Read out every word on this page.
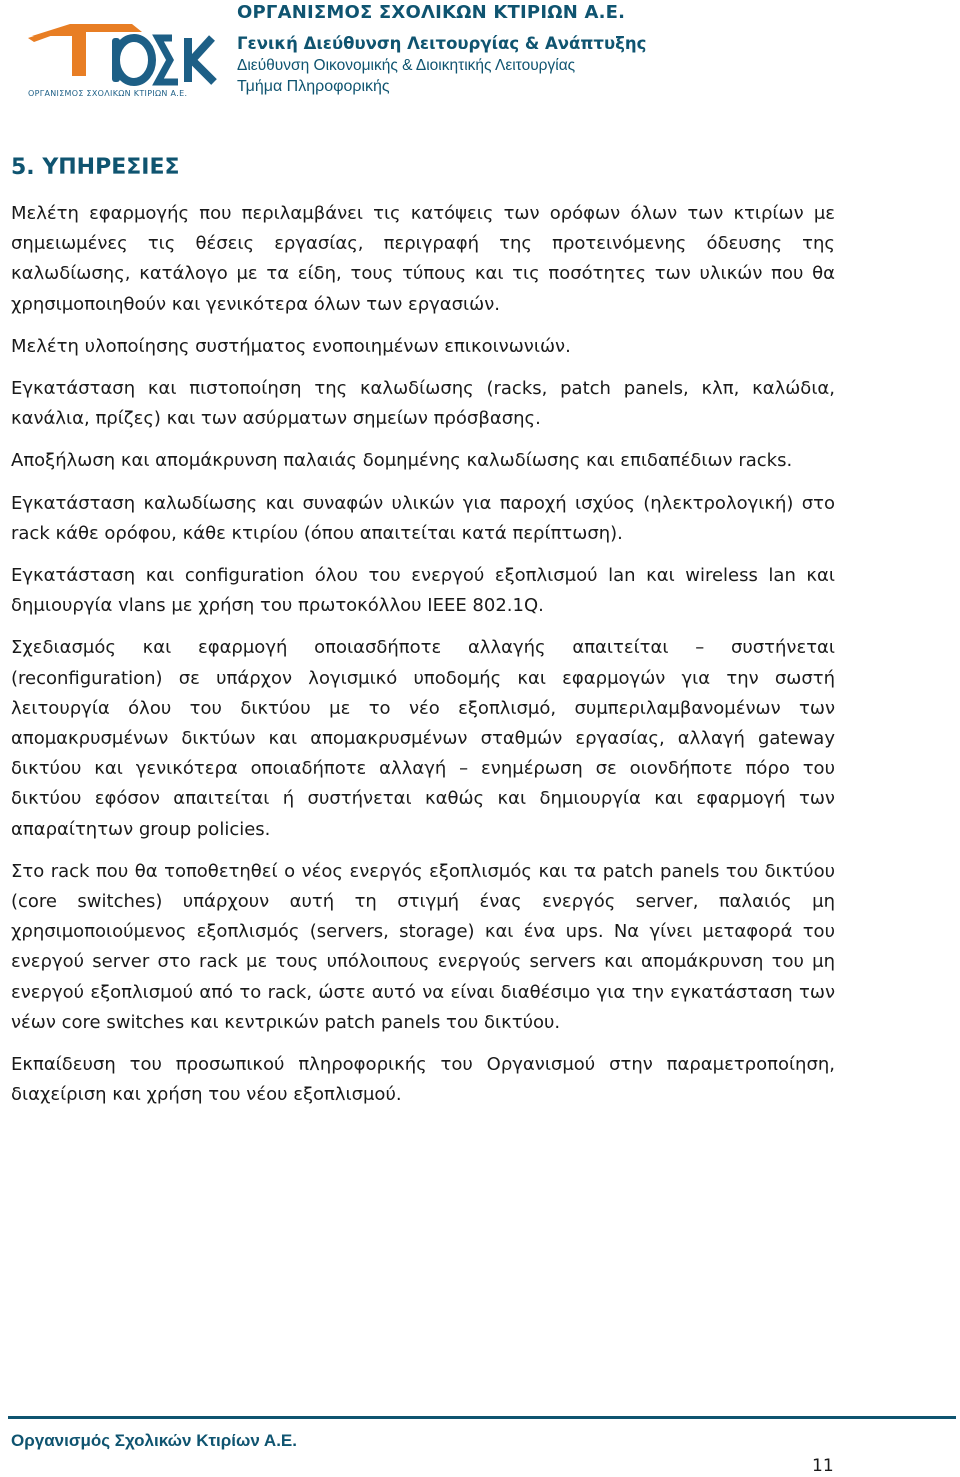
ΟΡΓΑΝΙΣΜΟΣ ΣΧΟΛΙΚΩΝ ΚΤΙΡΙΩΝ Α.Ε.
ΟΡΓΑΝΙΣΜΟΣ ΣΧΟΛΙΚΩΝ ΚΤΙΡΙΩΝ Α.Ε.
Γενική Διεύθυνση Λειτουργίας & Ανάπτυξης
Διεύθυνση Οικονομικής & Διοικητικής Λειτουργίας
Τμήμα Πληροφορικής
5. ΥΠΗΡΕΣΙΕΣ

Μελέτη εφαρμογής που περιλαμβάνει τις κατόψεις των ορόφων όλων των κτιρίων με σημειωμένες τις θέσεις εργασίας, περιγραφή της προτεινόμενης όδευσης της καλωδίωσης, κατάλογο με τα είδη, τους τύπους και τις ποσότητες των υλικών που θα χρησιμοποιηθούν και γενικότερα όλων των εργασιών.

Μελέτη υλοποίησης συστήματος ενοποιημένων επικοινωνιών.

Εγκατάσταση και πιστοποίηση της καλωδίωσης (racks, patch panels, κλπ, καλώδια, κανάλια, πρίζες) και των ασύρματων σημείων πρόσβασης.

Αποξήλωση και απομάκρυνση παλαιάς δομημένης καλωδίωσης και επιδαπέδιων racks.

Εγκατάσταση καλωδίωσης και συναφών υλικών για παροχή ισχύος (ηλεκτρολογική) στο rack κάθε ορόφου, κάθε κτιρίου (όπου απαιτείται κατά περίπτωση).

Εγκατάσταση και configuration όλου του ενεργού εξοπλισμού lan και wireless lan και δημιουργία vlans με χρήση του πρωτοκόλλου IEEE 802.1Q.

Σχεδιασμός και εφαρμογή οποιασδήποτε αλλαγής απαιτείται – συστήνεται (reconfiguration) σε υπάρχον λογισμικό υποδομής και εφαρμογών για την σωστή λειτουργία όλου του δικτύου με το νέο εξοπλισμό, συμπεριλαμβανομένων των απομακρυσμένων δικτύων και απομακρυσμένων σταθμών εργασίας, αλλαγή gateway δικτύου και γενικότερα οποιαδήποτε αλλαγή – ενημέρωση σε οιονδήποτε πόρο του δικτύου εφόσον απαιτείται ή συστήνεται καθώς και δημιουργία και εφαρμογή των απαραίτητων group policies.

Στο rack που θα τοποθετηθεί ο νέος ενεργός εξοπλισμός και τα patch panels του δικτύου (core switches) υπάρχουν αυτή τη στιγμή ένας ενεργός server, παλαιός μη χρησιμοποιούμενος εξοπλισμός (servers, storage) και ένα ups. Να γίνει μεταφορά του ενεργού server στο rack με τους υπόλοιπους ενεργούς servers και απομάκρυνση του μη ενεργού εξοπλισμού από το rack, ώστε αυτό να είναι διαθέσιμο για την εγκατάσταση των νέων core switches και κεντρικών patch panels του δικτύου.

Εκπαίδευση του προσωπικού πληροφορικής του Οργανισμού στην παραμετροποίηση, διαχείριση και χρήση του νέου εξοπλισμού.

Οργανισμός Σχολικών Κτιρίων Α.Ε.
11
